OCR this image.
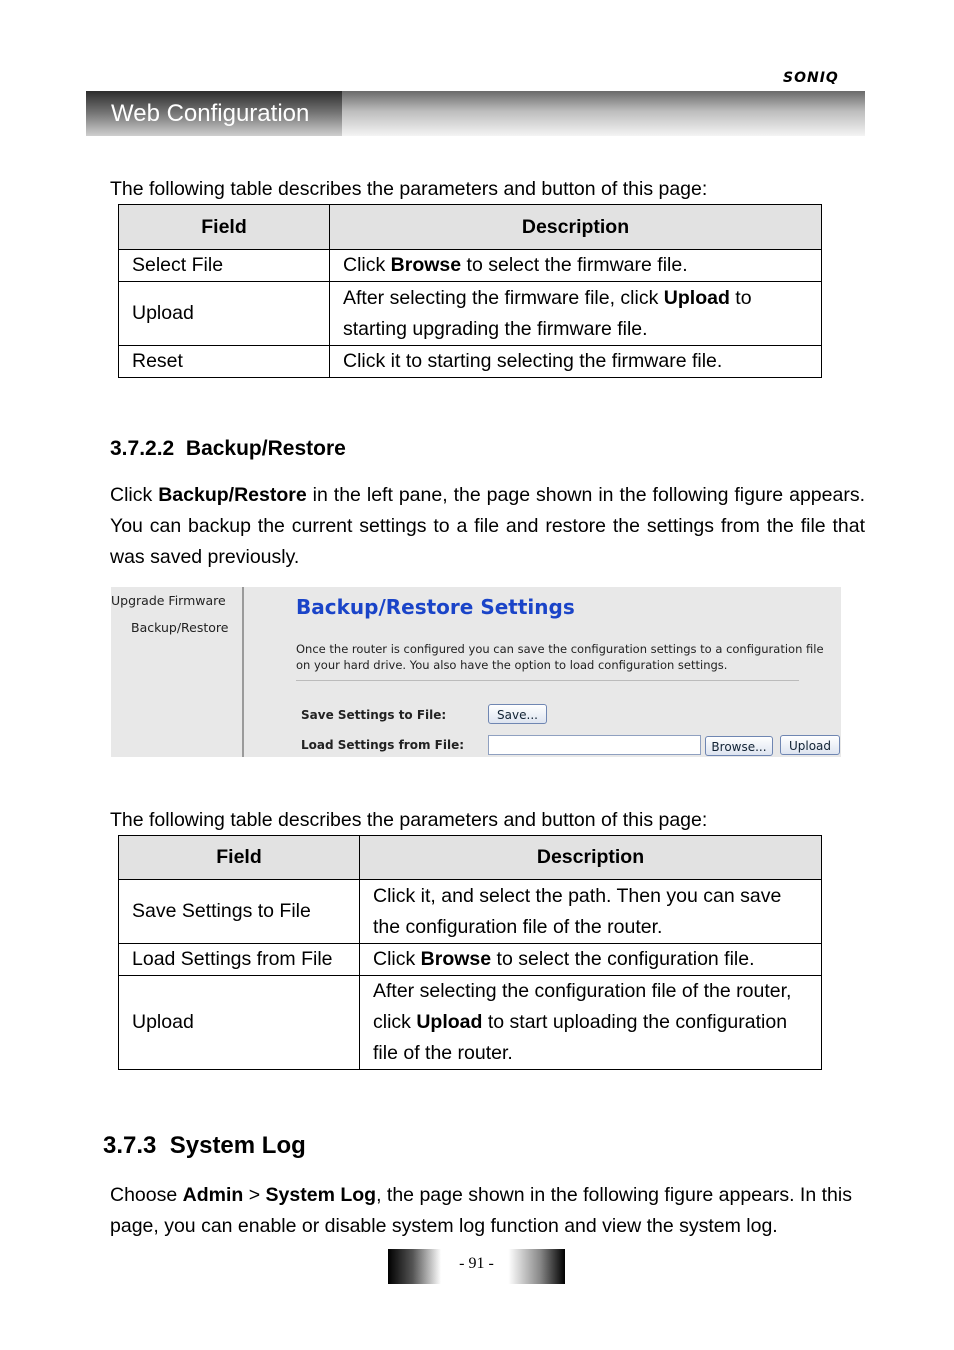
SONIQ
Web Configuration
The following table describes the parameters and button of this page:
Field	Description
Select File	Click Browse to select the firmware file.
Upload	After selecting the firmware file, click Upload to starting upgrading the firmware file.
Reset	Click it to starting selecting the firmware file.
3.7.2.2 Backup/Restore
Click Backup/Restore in the left pane, the page shown in the following figure appears. You can backup the current settings to a file and restore the settings from the file that was saved previously.
Upgrade Firmware
Backup/Restore
Backup/Restore Settings
Once the router is configured you can save the configuration settings to a configuration file on your hard drive. You also have the option to load configuration settings.
Save Settings to File:	Save...
Load Settings from File:	Browse...	Upload
The following table describes the parameters and button of this page:
Field	Description
Save Settings to File	Click it, and select the path. Then you can save the configuration file of the router.
Load Settings from File	Click Browse to select the configuration file.
Upload	After selecting the configuration file of the router, click Upload to start uploading the configuration file of the router.
3.7.3 System Log
Choose Admin > System Log, the page shown in the following figure appears. In this page, you can enable or disable system log function and view the system log.
- 91 -
